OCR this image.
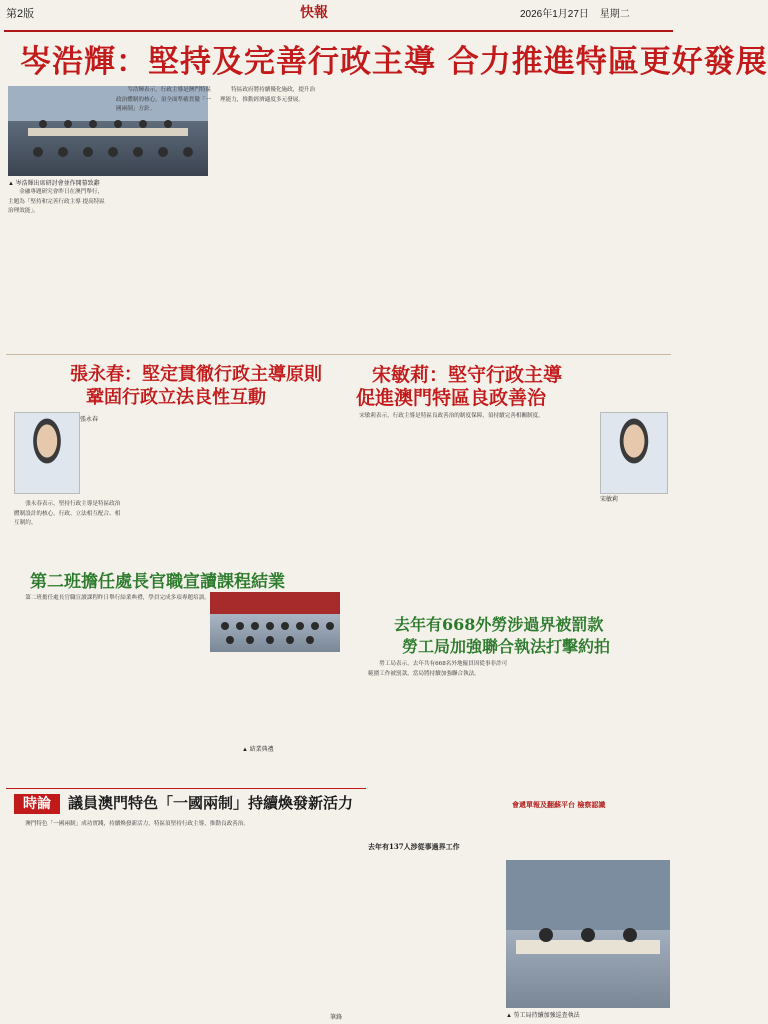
第2版	快報	2026年1月27日 星期二
岑浩輝：堅持及完善行政主導 合力推進特區更好發展
▲ 岑浩輝出席研討會並作開幕致辭

金融專題研究會昨日在澳門舉行，主題為「堅持和完善行政主導 提高特區治理效能」。

岑浩輝表示，行政主導是澳門特區政治體制的核心，須全面準確貫徹「一國兩制」方針。

特區政府將持續優化施政，提升治理能力，推動經濟適度多元發展。

張永春：堅定貫徹行政主導原則
鞏固行政立法良性互動
張永春

張永春表示，堅持行政主導是特區政治體制設計的核心，行政、立法相互配合、相互制約。

宋敏莉：堅守行政主導
促進澳門特區良政善治
宋敏莉

宋敏莉表示，行政主導是特區良政善治的制度保障，須持續完善相關制度。

第二班擔任處長官職宣讀課程結業

第二班擔任處長官職宣讀課程昨日舉行結業典禮，學員完成多項專題培訓。

▲ 結業典禮
去年有668外勞涉過界被罰款
勞工局加強聯合執法打擊約拍

勞工局表示，去年共有668名外地僱員因從事非許可範圍工作被罰款，當局將持續加強聯合執法。

去年有137人涉從事過界工作
會遞單報及翻蘇平台 檢察認識
▲ 勞工局持續加強巡查執法
時論	議員澳門特色「一國兩制」持續煥發新活力

澳門特色「一國兩制」成功實踐，持續煥發新活力，特區須堅持行政主導，推動良政善治。

筆鋒
